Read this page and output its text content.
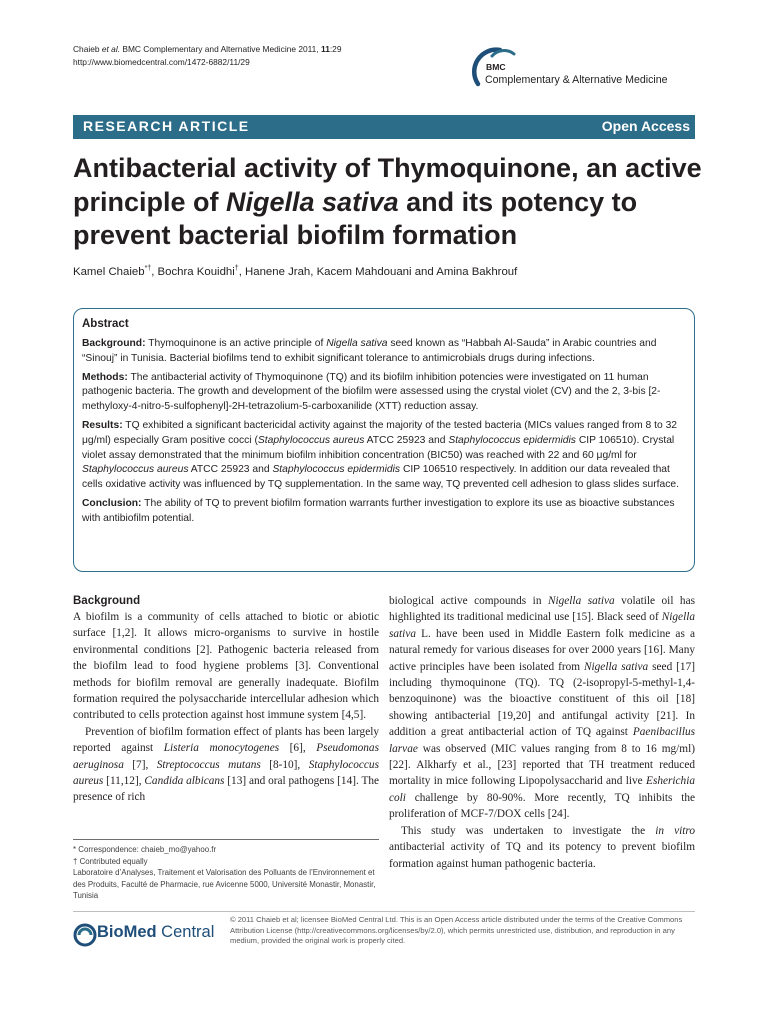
Chaieb et al. BMC Complementary and Alternative Medicine 2011, 11:29
http://www.biomedcentral.com/1472-6882/11/29
BMC
Complementary & Alternative Medicine
RESEARCH ARTICLE	Open Access
Antibacterial activity of Thymoquinone, an active principle of Nigella sativa and its potency to prevent bacterial biofilm formation
Kamel Chaieb*†, Bochra Kouidhi†, Hanene Jrah, Kacem Mahdouani and Amina Bakhrouf
Abstract

Background: Thymoquinone is an active principle of Nigella sativa seed known as “Habbah Al-Sauda” in Arabic countries and “Sinouj” in Tunisia. Bacterial biofilms tend to exhibit significant tolerance to antimicrobials drugs during infections.

Methods: The antibacterial activity of Thymoquinone (TQ) and its biofilm inhibition potencies were investigated on 11 human pathogenic bacteria. The growth and development of the biofilm were assessed using the crystal violet (CV) and the 2, 3-bis [2-methyloxy-4-nitro-5-sulfophenyl]-2H-tetrazolium-5-carboxanilide (XTT) reduction assay.

Results: TQ exhibited a significant bactericidal activity against the majority of the tested bacteria (MICs values ranged from 8 to 32 μg/ml) especially Gram positive cocci (Staphylococcus aureus ATCC 25923 and Staphylococcus epidermidis CIP 106510). Crystal violet assay demonstrated that the minimum biofilm inhibition concentration (BIC50) was reached with 22 and 60 μg/ml for Staphylococcus aureus ATCC 25923 and Staphylococcus epidermidis CIP 106510 respectively. In addition our data revealed that cells oxidative activity was influenced by TQ supplementation. In the same way, TQ prevented cell adhesion to glass slides surface.

Conclusion: The ability of TQ to prevent biofilm formation warrants further investigation to explore its use as bioactive substances with antibiofilm potential.

Background

A biofilm is a community of cells attached to biotic or abiotic surface [1,2]. It allows micro-organisms to survive in hostile environmental conditions [2]. Pathogenic bacteria released from the biofilm lead to food hygiene problems [3]. Conventional methods for biofilm removal are generally inadequate. Biofilm formation required the polysaccharide intercellular adhesion which contributed to cells protection against host immune system [4,5].

Prevention of biofilm formation effect of plants has been largely reported against Listeria monocytogenes [6], Pseudomonas aeruginosa [7], Streptococcus mutans [8-10], Staphylococcus aureus [11,12], Candida albicans [13] and oral pathogens [14]. The presence of rich

biological active compounds in Nigella sativa volatile oil has highlighted its traditional medicinal use [15]. Black seed of Nigella sativa L. have been used in Middle Eastern folk medicine as a natural remedy for various diseases for over 2000 years [16]. Many active principles have been isolated from Nigella sativa seed [17] including thymoquinone (TQ). TQ (2-isopropyl-5-methyl-1,4-benzoquinone) was the bioactive constituent of this oil [18] showing antibacterial [19,20] and antifungal activity [21]. In addition a great antibacterial action of TQ against Paenibacillus larvae was observed (MIC values ranging from 8 to 16 mg/ml) [22]. Alkharfy et al., [23] reported that TH treatment reduced mortality in mice following Lipopolysaccharid and live Esherichia coli challenge by 80-90%. More recently, TQ inhibits the proliferation of MCF-7/DOX cells [24].

This study was undertaken to investigate the in vitro antibacterial activity of TQ and its potency to prevent biofilm formation against human pathogenic bacteria.

* Correspondence: chaieb_mo@yahoo.fr
† Contributed equally
Laboratoire d’Analyses, Traitement et Valorisation des Polluants de l’Environnement et des Produits, Faculté de Pharmacie, rue Avicenne 5000, Université Monastir, Monastir, Tunisia
BioMed Central
© 2011 Chaieb et al; licensee BioMed Central Ltd. This is an Open Access article distributed under the terms of the Creative Commons Attribution License (http://creativecommons.org/licenses/by/2.0), which permits unrestricted use, distribution, and reproduction in any medium, provided the original work is properly cited.
